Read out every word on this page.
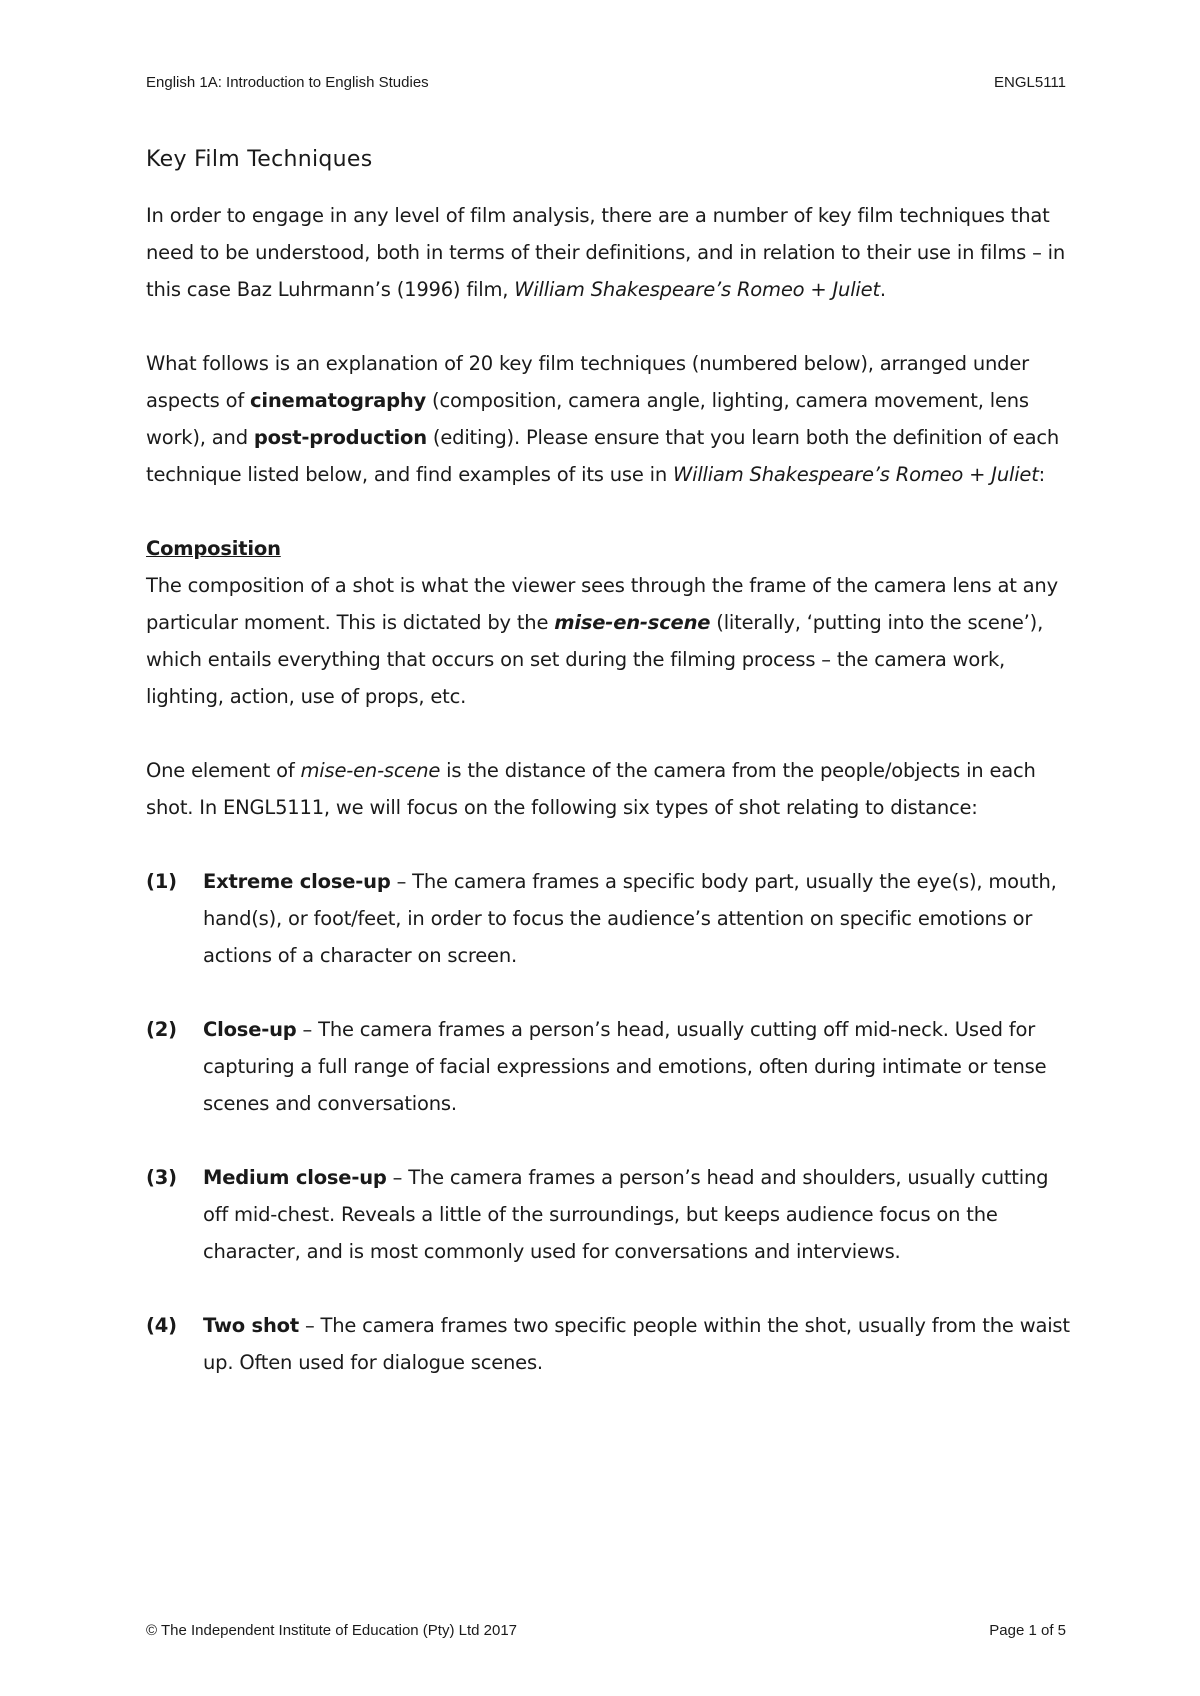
English 1A: Introduction to English Studies	ENGL5111
Key Film Techniques

In order to engage in any level of film analysis, there are a number of key film techniques that need to be understood, both in terms of their definitions, and in relation to their use in films – in this case Baz Luhrmann’s (1996) film, William Shakespeare’s Romeo + Juliet.

What follows is an explanation of 20 key film techniques (numbered below), arranged under aspects of cinematography (composition, camera angle, lighting, camera movement, lens work), and post-production (editing). Please ensure that you learn both the definition of each technique listed below, and find examples of its use in William Shakespeare’s Romeo + Juliet:

Composition

The composition of a shot is what the viewer sees through the frame of the camera lens at any particular moment. This is dictated by the mise-en-scene (literally, ‘putting into the scene’), which entails everything that occurs on set during the filming process – the camera work, lighting, action, use of props, etc.

One element of mise-en-scene is the distance of the camera from the people/objects in each shot. In ENGL5111, we will focus on the following six types of shot relating to distance:

(1)	Extreme close-up – The camera frames a specific body part, usually the eye(s), mouth, hand(s), or foot/feet, in order to focus the audience’s attention on specific emotions or actions of a character on screen.
(2)	Close-up – The camera frames a person’s head, usually cutting off mid-neck. Used for capturing a full range of facial expressions and emotions, often during intimate or tense scenes and conversations.
(3)	Medium close-up – The camera frames a person’s head and shoulders, usually cutting off mid-chest. Reveals a little of the surroundings, but keeps audience focus on the character, and is most commonly used for conversations and interviews.
(4)	Two shot – The camera frames two specific people within the shot, usually from the waist up. Often used for dialogue scenes.
© The Independent Institute of Education (Pty) Ltd 2017	Page 1 of 5
